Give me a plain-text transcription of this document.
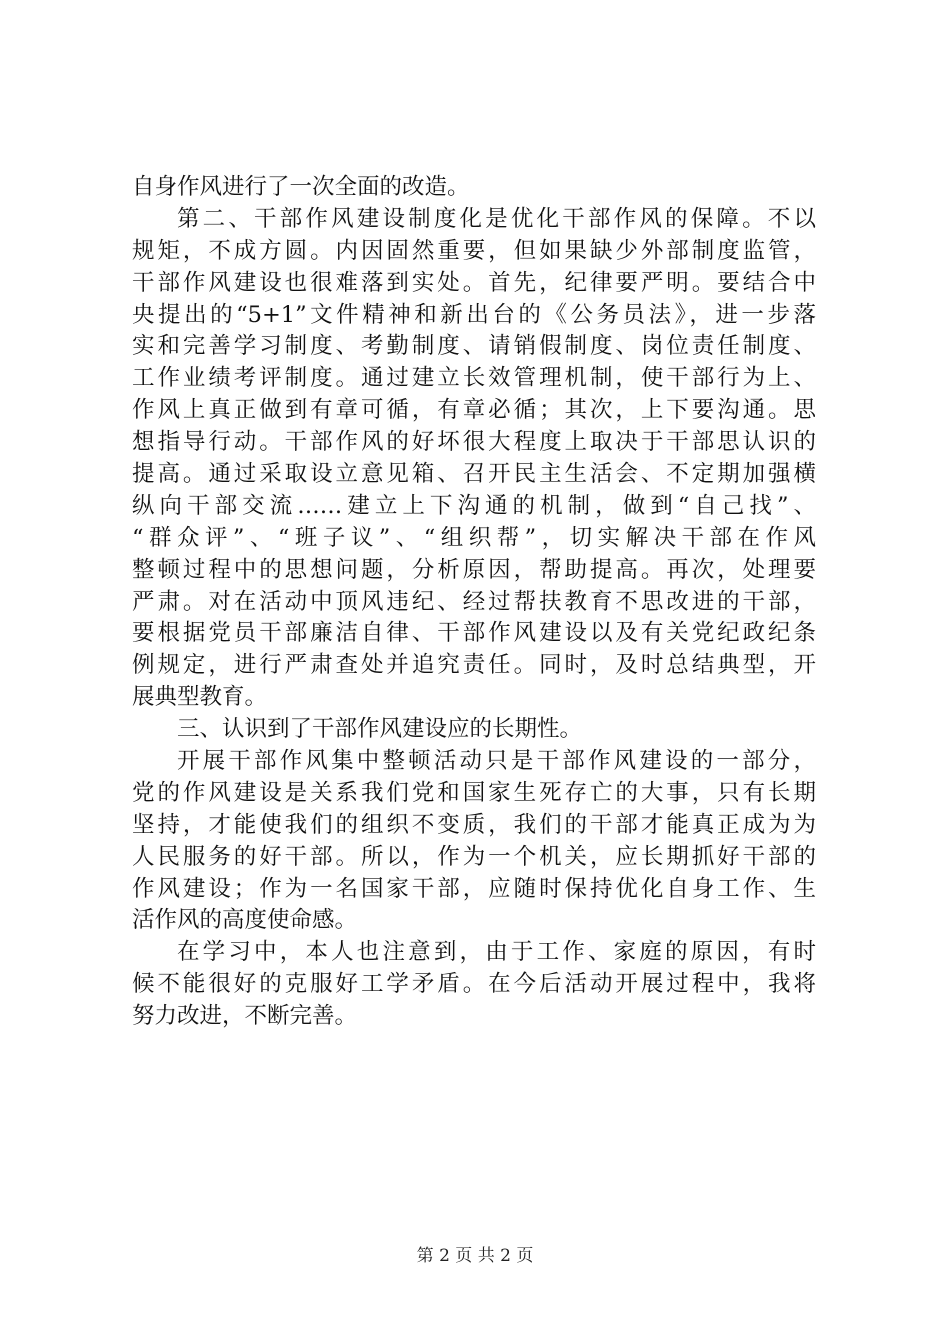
自身作风进行了一次全面的改造。
第二、干部作风建设制度化是优化干部作风的保障。不以
规矩，不成方圆。内因固然重要，但如果缺少外部制度监管，
干部作风建设也很难落到实处。首先，纪律要严明。要结合中
央提出的“5+1”文件精神和新出台的《公务员法》，进一步落
实和完善学习制度、考勤制度、请销假制度、岗位责任制度、
工作业绩考评制度。通过建立长效管理机制，使干部行为上、
作风上真正做到有章可循，有章必循；其次，上下要沟通。思
想指导行动。干部作风的好坏很大程度上取决于干部思认识的
提高。通过采取设立意见箱、召开民主生活会、不定期加强横
纵向干部交流……建立上下沟通的机制，做到“自己找”、
“群众评”、“班子议”、“组织帮”，切实解决干部在作风
整顿过程中的思想问题，分析原因，帮助提高。再次，处理要
严肃。对在活动中顶风违纪、经过帮扶教育不思改进的干部，
要根据党员干部廉洁自律、干部作风建设以及有关党纪政纪条
例规定，进行严肃查处并追究责任。同时，及时总结典型，开
展典型教育。
三、认识到了干部作风建设应的长期性。
开展干部作风集中整顿活动只是干部作风建设的一部分，
党的作风建设是关系我们党和国家生死存亡的大事，只有长期
坚持，才能使我们的组织不变质，我们的干部才能真正成为为
人民服务的好干部。所以，作为一个机关，应长期抓好干部的
作风建设；作为一名国家干部，应随时保持优化自身工作、生
活作风的高度使命感。
在学习中，本人也注意到，由于工作、家庭的原因，有时
候不能很好的克服好工学矛盾。在今后活动开展过程中，我将
努力改进，不断完善。
第 2 页 共 2 页
